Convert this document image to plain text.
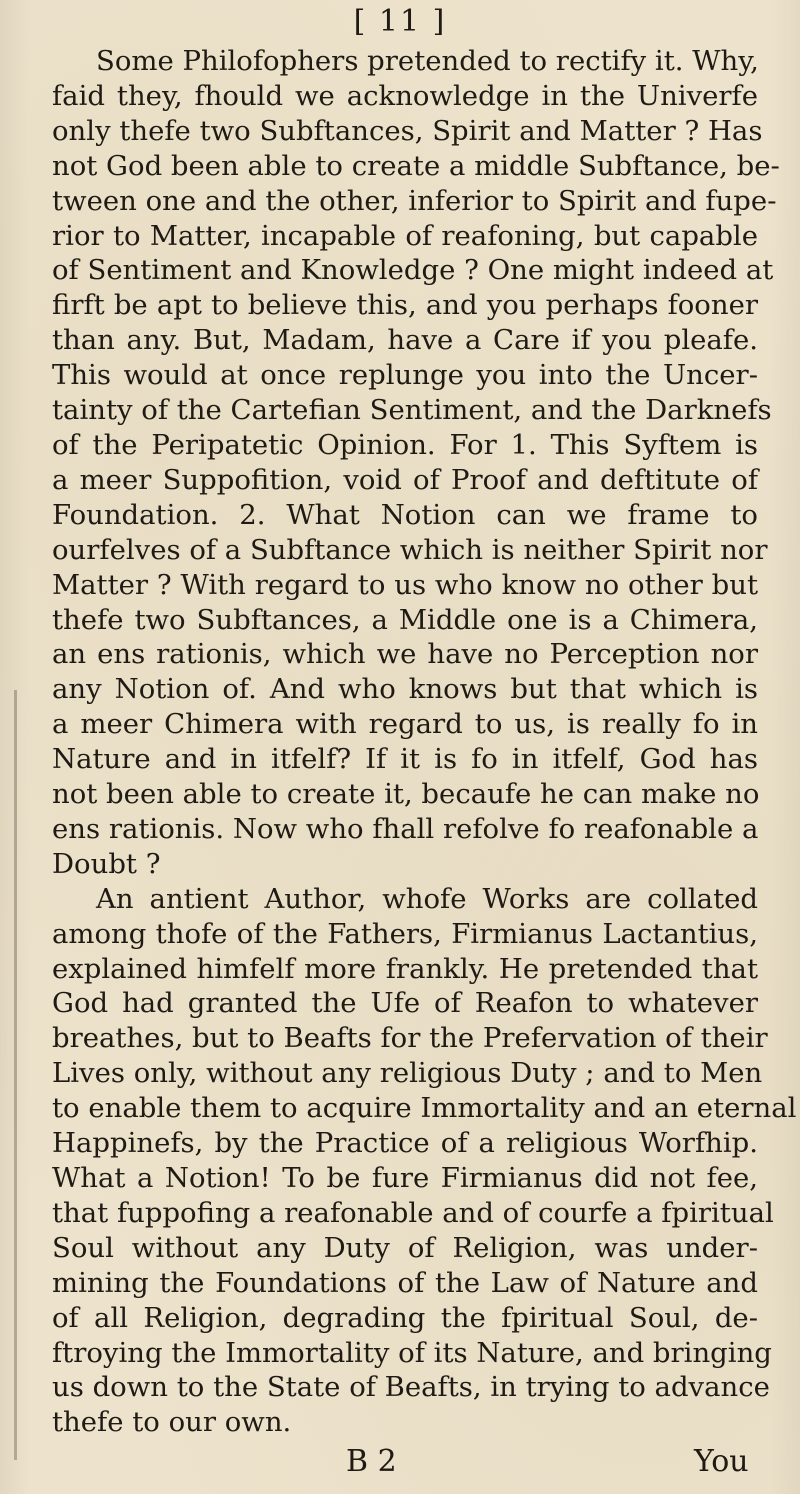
[ 11 ]
Some Philofophers pretended to rectify it. Why,
faid they, fhould we acknowledge in the Univerfe
only thefe two Subftances, Spirit and Matter ? Has
not God been able to create a middle Subftance, be-
tween one and the other, inferior to Spirit and fupe-
rior to Matter, incapable of reafoning, but capable
of Sentiment and Knowledge ? One might indeed at
firft be apt to believe this, and you perhaps fooner
than any. But, Madam, have a Care if you pleafe.
This would at once replunge you into the Uncer-
tainty of the Cartefian Sentiment, and the Darknefs
of the Peripatetic Opinion. For 1. This Syftem is
a meer Suppofition, void of Proof and deftitute of
Foundation. 2. What Notion can we frame to
ourfelves of a Subftance which is neither Spirit nor
Matter ? With regard to us who know no other but
thefe two Subftances, a Middle one is a Chimera,
an ens rationis, which we have no Perception nor
any Notion of. And who knows but that which is
a meer Chimera with regard to us, is really fo in
Nature and in itfelf? If it is fo in itfelf, God has
not been able to create it, becaufe he can make no
ens rationis. Now who fhall refolve fo reafonable a
Doubt ?
An antient Author, whofe Works are collated
among thofe of the Fathers, Firmianus Lactantius,
explained himfelf more frankly. He pretended that
God had granted the Ufe of Reafon to whatever
breathes, but to Beafts for the Prefervation of their
Lives only, without any religious Duty ; and to Men
to enable them to acquire Immortality and an eternal
Happinefs, by the Practice of a religious Worfhip.
What a Notion! To be fure Firmianus did not fee,
that fuppofing a reafonable and of courfe a fpiritual
Soul without any Duty of Religion, was under-
mining the Foundations of the Law of Nature and
of all Religion, degrading the fpiritual Soul, de-
ftroying the Immortality of its Nature, and bringing
us down to the State of Beafts, in trying to advance
thefe to our own.
B 2	You
